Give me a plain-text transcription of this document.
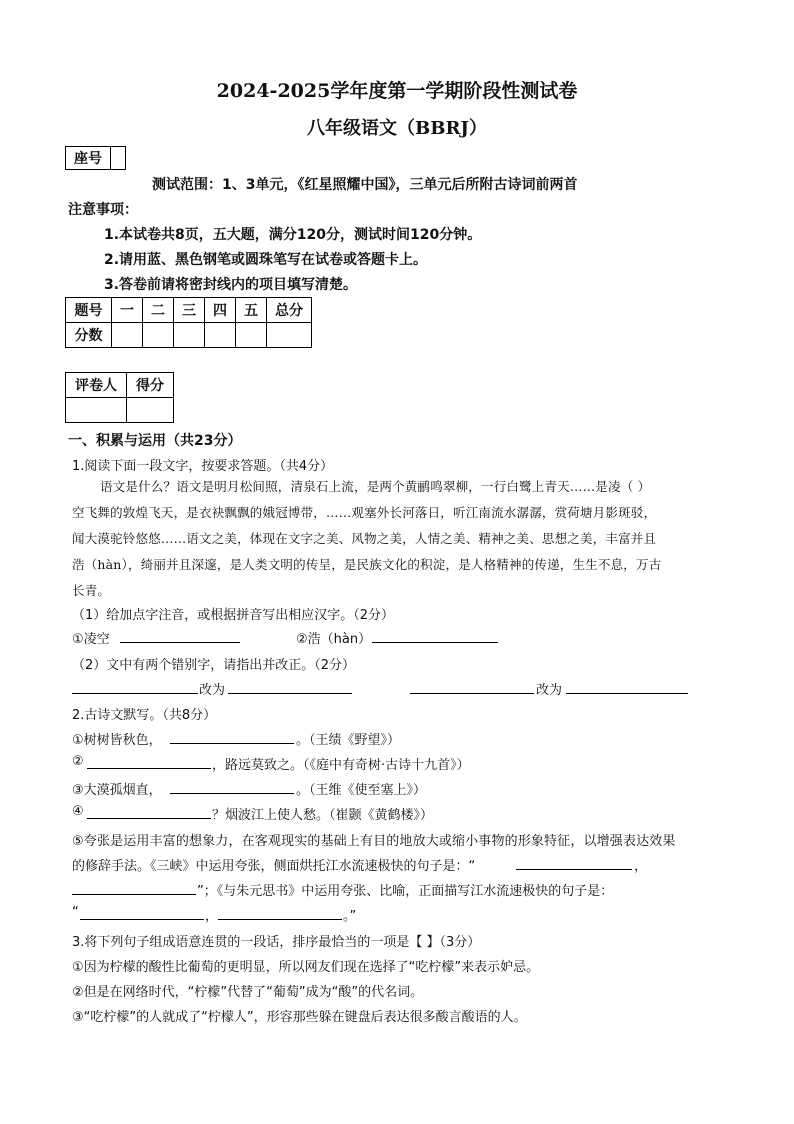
2024-2025学年度第一学期阶段性测试卷
八年级语文（BBRJ）
座号	
测试范围：1、3单元，《红星照耀中国》，三单元后所附古诗词前两首
注意事项：
1.本试卷共8页，五大题，满分120分，测试时间120分钟。
2.请用蓝、黑色钢笔或圆珠笔写在试卷或答题卡上。
3.答卷前请将密封线内的项目填写清楚。
题号	一	二	三	四	五	总分
分数						
评卷人	得分

一、积累与运用（共23分）
1.阅读下面一段文字，按要求答题。（共4分）
语文是什么？语文是明月松间照，清泉石上流，是两个黄鹂鸣翠柳，一行白鹭上青天……是凌（ ）
空飞舞的敦煌飞天，是衣袂飘飘的娥冠博带，……观塞外长河落日，听江南流水潺潺，赏荷塘月影斑驳，
闻大漠驼铃悠悠……语文之美，体现在文字之美、风物之美，人情之美、精神之美、思想之美，丰富并且
浩（hàn），绮丽并且深邃，是人类文明的传呈，是民族文化的积淀，是人格精神的传递，生生不息，万古
长青。
（1）给加点字注音，或根据拼音写出相应汉字。（2分）
①凌空	②浩（hàn）
（2）文中有两个错别字，请指出并改正。（2分）
改为	改为
2.古诗文默写。（共8分）
①树树皆秋色，	。（王绩《野望》）
②	，路远莫致之。（《庭中有奇树·古诗十九首》）
③大漠孤烟直，	。（王维《使至塞上》）
④	？烟波江上使人愁。（崔颢《黄鹤楼》）
⑤夸张是运用丰富的想象力，在客观现实的基础上有目的地放大或缩小事物的形象特征，以增强表达效果
的修辞手法。《三峡》中运用夸张，侧面烘托江水流速极快的句子是：“	，
”；《与朱元思书》中运用夸张、比喻，正面描写江水流速极快的句子是：
“	，	。”
3.将下列句子组成语意连贯的一段话，排序最恰当的一项是【 】（3分）
①因为柠檬的酸性比葡萄的更明显，所以网友们现在选择了“吃柠檬”来表示妒忌。
②但是在网络时代，“柠檬”代替了“葡萄”成为“酸”的代名词。
③“吃柠檬”的人就成了“柠檬人”，形容那些躲在键盘后表达很多酸言酸语的人。
